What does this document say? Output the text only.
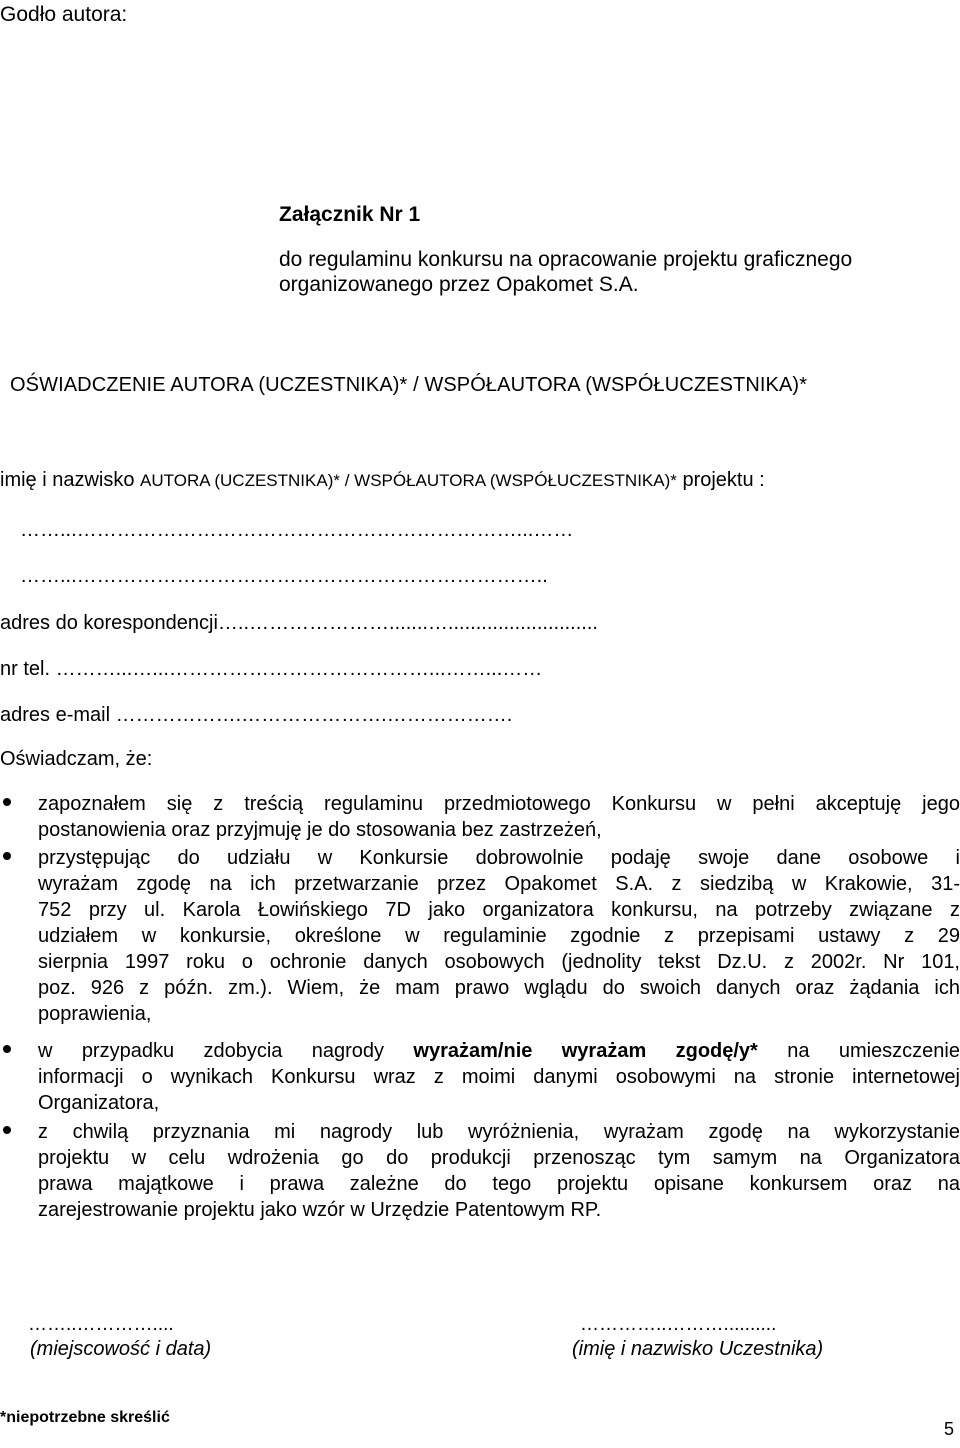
Godło autora:
Załącznik Nr 1
do regulaminu konkursu na opracowanie projektu graficznego
organizowanego przez Opakomet S.A.
OŚWIADCZENIE AUTORA (UCZESTNIKA)* / WSPÓŁAUTORA (WSPÓŁUCZESTNIKA)*
imię i nazwisko AUTORA (UCZESTNIKA)* / WSPÓŁAUTORA (WSPÓŁUCZESTNIKA)* projektu :
……...…………………………………………………………...……
……...……………………………………………………………..
adres do korespondencji…..………………….......…...........................
nr tel. ………...…...…………………………………...……...……
adres e-mail ……………….………………….……………….
Oświadczam, że:
zapoznałem się z treścią regulaminu przedmiotowego Konkursu w pełni akceptuję jego
postanowienia oraz przyjmuję je do stosowania bez zastrzeżeń,
przystępując do udziału w Konkursie dobrowolnie podaję swoje dane osobowe i
wyrażam zgodę na ich przetwarzanie przez Opakomet S.A. z siedzibą w Krakowie, 31-
752 przy ul. Karola Łowińskiego 7D jako organizatora konkursu, na potrzeby związane z
udziałem w konkursie, określone w regulaminie zgodnie z przepisami ustawy z 29
sierpnia 1997 roku o ochronie danych osobowych (jednolity tekst Dz.U. z 2002r. Nr 101,
poz. 926 z późn. zm.). Wiem, że mam prawo wglądu do swoich danych oraz żądania ich
poprawienia,
w przypadku zdobycia nagrody wyrażam/nie wyrażam zgodę/y* na umieszczenie
informacji o wynikach Konkursu wraz z moimi danymi osobowymi na stronie internetowej
Organizatora,
z chwilą przyznania mi nagrody lub wyróżnienia, wyrażam zgodę na wykorzystanie
projektu w celu wdrożenia go do produkcji przenosząc tym samym na Organizatora
prawa majątkowe i prawa zależne do tego projektu opisane konkursem oraz na
zarejestrowanie projektu jako wzór w Urzędzie Patentowym RP.
……..…………....
(miejscowość i data)
…………..………..........
(imię i nazwisko Uczestnika)
*niepotrzebne skreślić
5
